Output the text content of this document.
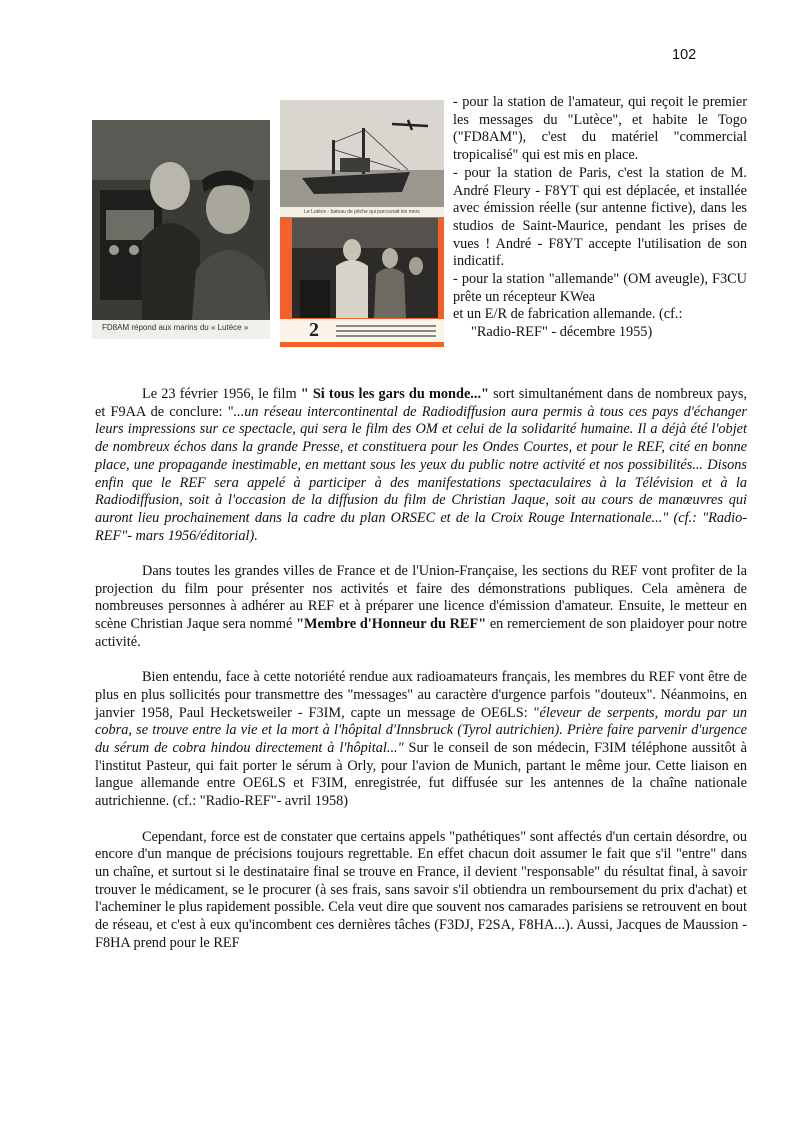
102
FD8AM répond aux marins du « Lutèce »
Le Lutèce - bateau de pêche qui parcourait les mers
2

- pour la station de l'amateur, qui reçoit le premier les messages du "Lutèce", et habite le Togo ("FD8AM"), c'est du matériel "commercial tropicalisé" qui est mis en place.

- pour la station de Paris, c'est la station de M. André Fleury - F8YT qui est déplacée, et installée avec émission réelle (sur antenne fictive), dans les studios de Saint-Maurice, pendant les prises de vues ! André - F8YT accepte l'utilisation de son indicatif.

- pour la station "allemande" (OM aveugle), F3CU prête un récepteur KWea

et un E/R de fabrication allemande. (cf.:

"Radio-REF" - décembre 1955)

Le 23 février 1956, le film " Si tous les gars du monde..." sort simultanément dans de nombreux pays, et F9AA de conclure: "...un réseau intercontinental de Radiodiffusion aura permis à tous ces pays d'échanger leurs impressions sur ce spectacle, qui sera le film des OM et celui de la solidarité humaine. Il a déjà été l'objet de nombreux échos dans la grande Presse, et constituera pour les Ondes Courtes, et pour le REF, cité en bonne place, une propagande inestimable, en mettant sous les yeux du public notre activité et nos possibilités... Disons enfin que le REF sera appelé à participer à des manifestations spectaculaires à la Télévision et à la Radiodiffusion, soit à l'occasion de la diffusion du film de Christian Jaque, soit au cours de manœuvres qui auront lieu prochainement dans la cadre du plan ORSEC et de la Croix Rouge Internationale..." (cf.: "Radio-REF"- mars 1956/éditorial).

Dans toutes les grandes villes de France et de l'Union-Française, les sections du REF vont profiter de la projection du film pour présenter nos activités et faire des démonstrations publiques. Cela amènera de nombreuses personnes à adhérer au REF et à préparer une licence d'émission d'amateur. Ensuite, le metteur en scène Christian Jaque sera nommé "Membre d'Honneur du REF" en remerciement de son plaidoyer pour notre activité.

Bien entendu, face à cette notoriété rendue aux radioamateurs français, les membres du REF vont être de plus en plus sollicités pour transmettre des "messages" au caractère d'urgence parfois "douteux". Néanmoins, en janvier 1958, Paul Hecketsweiler - F3IM, capte un message de OE6LS: "éleveur de serpents, mordu par un cobra, se trouve entre la vie et la mort à l'hôpital d'Innsbruck (Tyrol autrichien). Prière faire parvenir d'urgence du sérum de cobra hindou directement à l'hôpital..." Sur le conseil de son médecin, F3IM téléphone aussitôt à l'institut Pasteur, qui fait porter le sérum à Orly, pour l'avion de Munich, partant le même jour. Cette liaison en langue allemande entre OE6LS et F3IM, enregistrée, fut diffusée sur les antennes de la chaîne nationale autrichienne. (cf.: "Radio-REF"- avril 1958)

Cependant, force est de constater que certains appels "pathétiques" sont affectés d'un certain désordre, ou encore d'un manque de précisions toujours regrettable. En effet chacun doit assumer le fait que s'il "entre" dans un chaîne, et surtout si le destinataire final se trouve en France, il devient "responsable" du résultat final, à savoir trouver le médicament, se le procurer (à ses frais, sans savoir s'il obtiendra un remboursement du prix d'achat) et l'acheminer le plus rapidement possible. Cela veut dire que souvent nos camarades parisiens se retrouvent en bout de réseau, et c'est à eux qu'incombent ces dernières tâches (F3DJ, F2SA, F8HA...). Aussi, Jacques de Maussion - F8HA prend pour le REF
